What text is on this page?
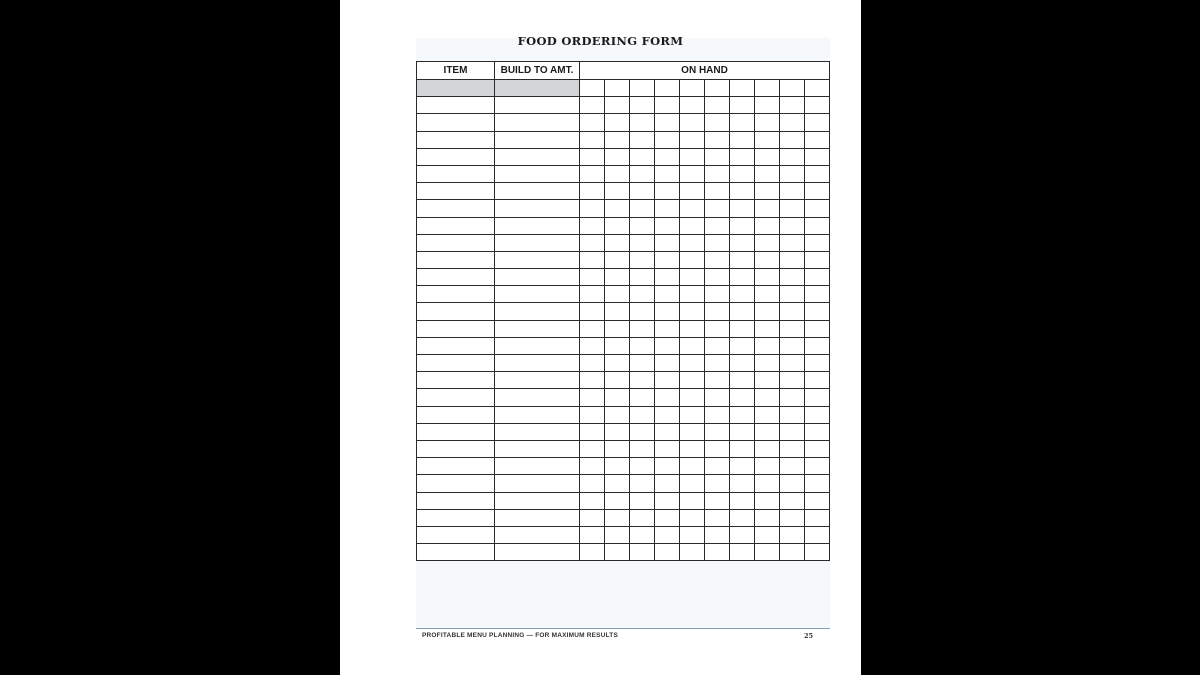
FOOD ORDERING FORM
ITEM	BUILD TO AMT.	ON HAND									

PROFITABLE MENU PLANNING — FOR MAXIMUM RESULTS	25
